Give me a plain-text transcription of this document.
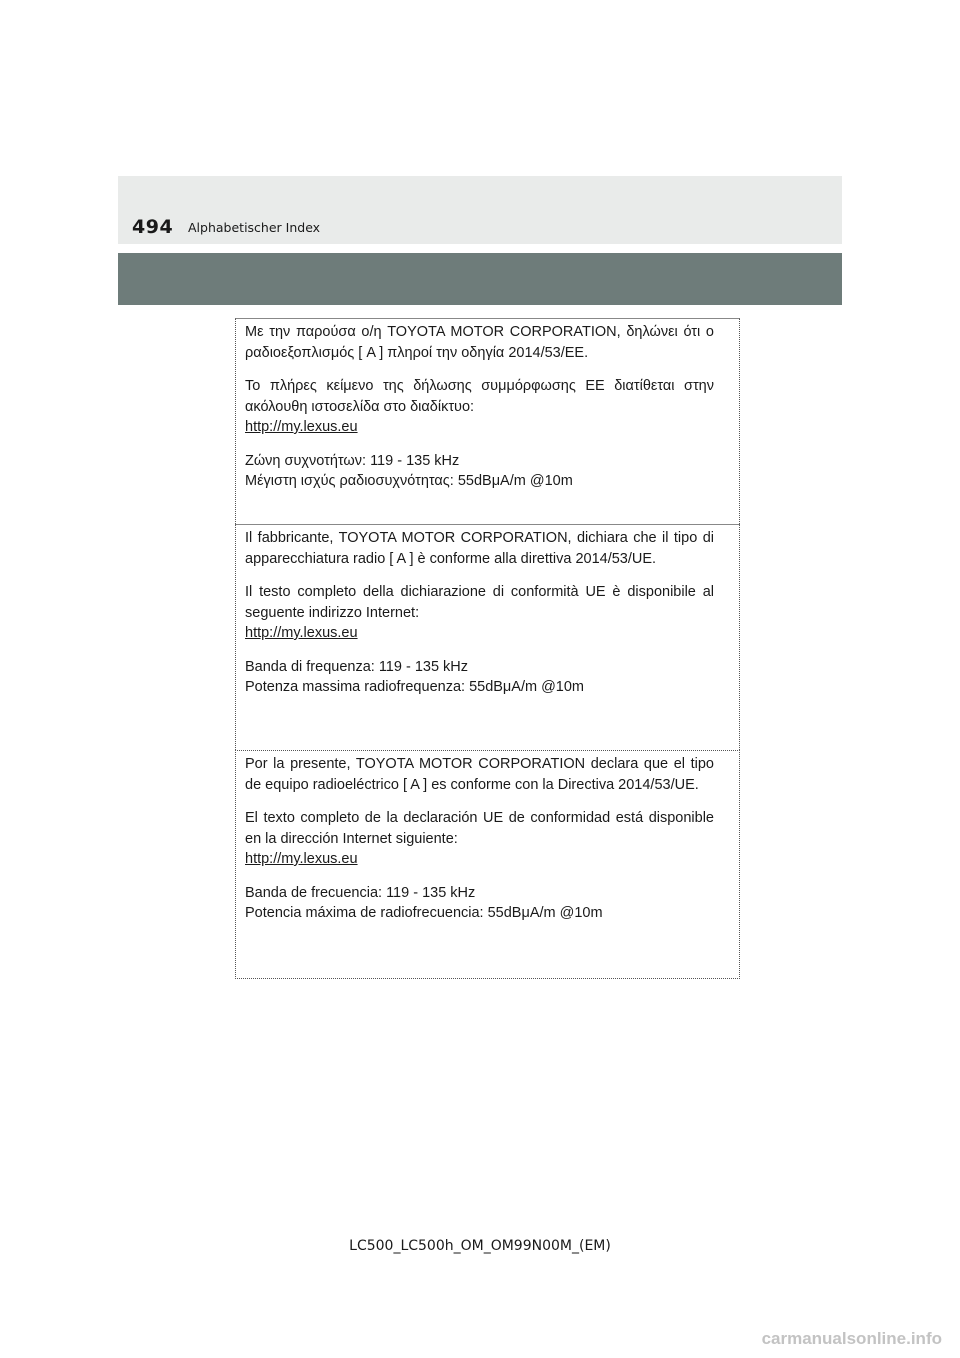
494 Alphabetischer Index

Με την παρούσα ο/η TOYOTA MOTOR CORPORATION, δηλώνει ότι ο ραδιοεξοπλισμός [ A ] πληροί την οδηγία 2014/53/ΕΕ.

Το πλήρες κείμενο της δήλωσης συμμόρφωσης ΕΕ διατίθεται στην ακόλουθη ιστοσελίδα στο διαδίκτυο:

http://my.lexus.eu

Ζώνη συχνοτήτων: 119 - 135 kHz

Μέγιστη ισχύς ραδιοσυχνότητας: 55dBμA/m @10m

Il fabbricante, TOYOTA MOTOR CORPORATION, dichiara che il tipo di apparecchiatura radio [ A ] è conforme alla direttiva 2014/53/UE.

Il testo completo della dichiarazione di conformità UE è disponibile al seguente indirizzo Internet:

http://my.lexus.eu

Banda di frequenza: 119 - 135 kHz

Potenza massima radiofrequenza: 55dBμA/m @10m

Por la presente, TOYOTA MOTOR CORPORATION declara que el tipo de equipo radioeléctrico [ A ] es conforme con la Directiva 2014/53/UE.

El texto completo de la declaración UE de conformidad está disponible en la dirección Internet siguiente:

http://my.lexus.eu

Banda de frecuencia: 119 - 135 kHz

Potencia máxima de radiofrecuencia: 55dBμA/m @10m

LC500_LC500h_OM_OM99N00M_(EM)
carmanualsonline.info
